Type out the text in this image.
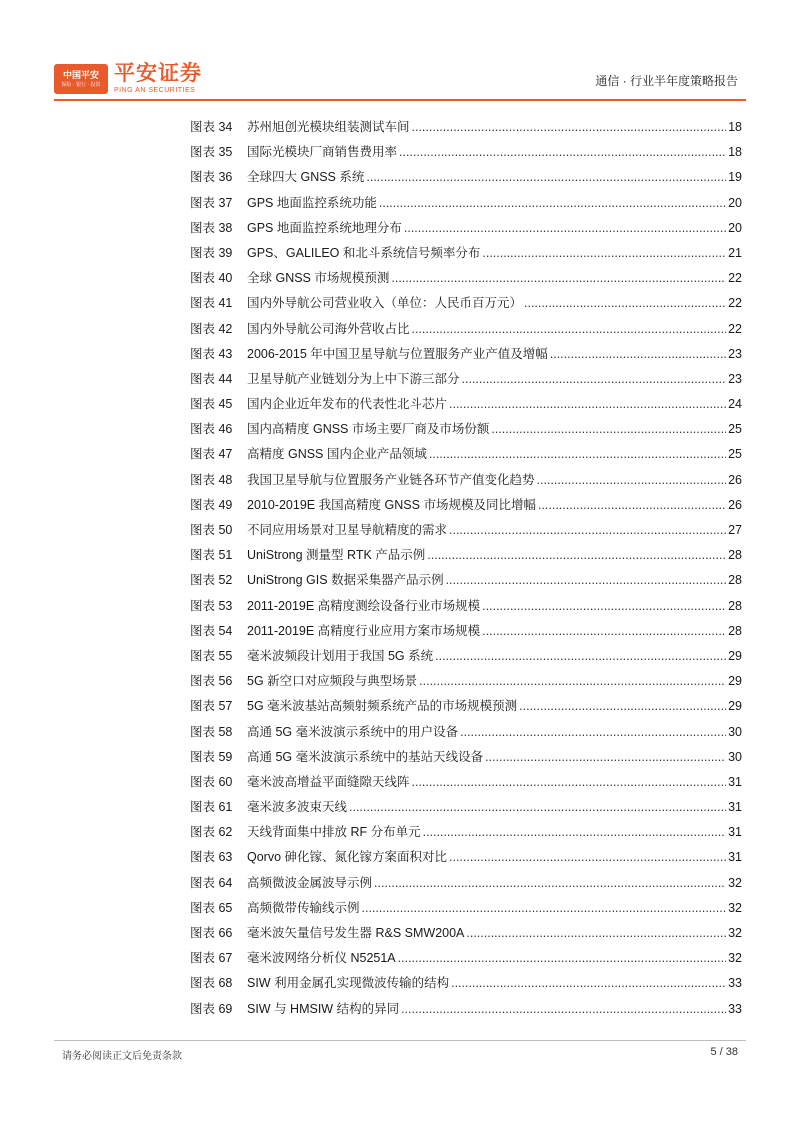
中国平安
保险 · 银行 · 投资 平安证券
PING AN SECURITIES
通信 · 行业半年度策略报告
图表 34	苏州旭创光模块组装测试车间 .....	18
图表 35	国际光模块厂商销售费用率 .....	18
图表 36	全球四大 GNSS 系统 .....	19
图表 37	GPS 地面监控系统功能 .....	20
图表 38	GPS 地面监控系统地理分布 .....	20
图表 39	GPS、GALILEO 和北斗系统信号频率分布 .....	21
图表 40	全球 GNSS 市场规模预测 .....	22
图表 41	国内外导航公司营业收入（单位：人民币百万元） .....	22
图表 42	国内外导航公司海外营收占比 .....	22
图表 43	2006-2015 年中国卫星导航与位置服务产业产值及增幅 .....	23
图表 44	卫星导航产业链划分为上中下游三部分 .....	23
图表 45	国内企业近年发布的代表性北斗芯片 .....	24
图表 46	国内高精度 GNSS 市场主要厂商及市场份额 .....	25
图表 47	高精度 GNSS 国内企业产品领域 .....	25
图表 48	我国卫星导航与位置服务产业链各环节产值变化趋势 .....	26
图表 49	2010-2019E 我国高精度 GNSS 市场规模及同比增幅 .....	26
图表 50	不同应用场景对卫星导航精度的需求 .....	27
图表 51	UniStrong 测量型 RTK 产品示例 .....	28
图表 52	UniStrong GIS 数据采集器产品示例 .....	28
图表 53	2011-2019E 高精度测绘设备行业市场规模 .....	28
图表 54	2011-2019E 高精度行业应用方案市场规模 .....	28
图表 55	毫米波频段计划用于我国 5G 系统 .....	29
图表 56	5G 新空口对应频段与典型场景 .....	29
图表 57	5G 毫米波基站高频射频系统产品的市场规模预测 .....	29
图表 58	高通 5G 毫米波演示系统中的用户设备 .....	30
图表 59	高通 5G 毫米波演示系统中的基站天线设备 .....	30
图表 60	毫米波高增益平面缝隙天线阵 .....	31
图表 61	毫米波多波束天线 .....	31
图表 62	天线背面集中排放 RF 分布单元 .....	31
图表 63	Qorvo 砷化镓、氮化镓方案面积对比 .....	31
图表 64	高频微波金属波导示例 .....	32
图表 65	高频微带传输线示例 .....	32
图表 66	毫米波矢量信号发生器 R&S SMW200A .....	32
图表 67	毫米波网络分析仪 N5251A .....	32
图表 68	SIW 利用金属孔实现微波传输的结构 .....	33
图表 69	SIW 与 HMSIW 结构的异同 .....	33
请务必阅读正文后免责条款	5 / 38
